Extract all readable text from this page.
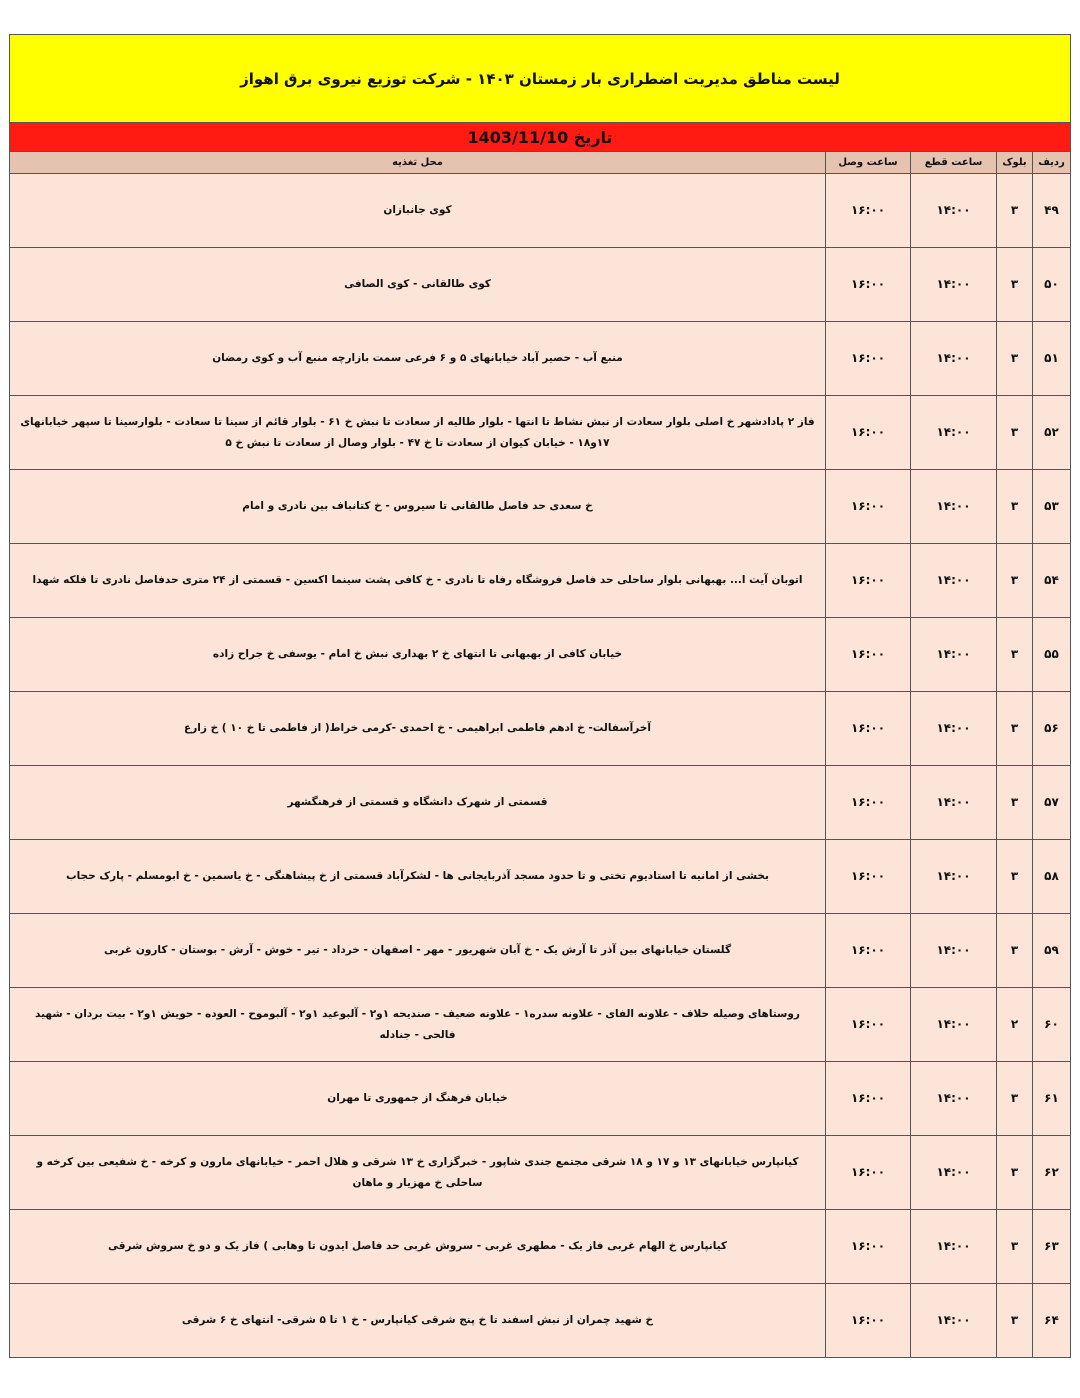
لیست مناطق مدیریت اضطراری بار زمستان ۱۴۰۳ - شرکت توزیع نیروی برق اهواز
تاریخ 1403/11/10
ردیف	بلوک	ساعت قطع	ساعت وصل	محل تغذیه
۴۹	۳	۱۴:۰۰	۱۶:۰۰	کوی جانبازان
۵۰	۳	۱۴:۰۰	۱۶:۰۰	کوی طالقانی - کوی الصافی
۵۱	۳	۱۴:۰۰	۱۶:۰۰	منبع آب - حصیر آباد خیابانهای ۵ و ۶ فرعی سمت بازارچه منبع آب و کوی رمضان
۵۲	۳	۱۴:۰۰	۱۶:۰۰	فاز ۲ پادادشهر خ اصلی بلوار سعادت از نبش نشاط تا انتها - بلوار طالیه از سعادت تا نبش خ ۶۱ - بلوار قائم از سینا تا سعادت - بلوارسینا تا سپهر خیابانهای ۱۷و۱۸ - خیابان کیوان از سعادت تا خ ۴۷ - بلوار وصال از سعادت تا نبش خ ۵
۵۳	۳	۱۴:۰۰	۱۶:۰۰	خ سعدی حد فاصل طالقانی تا سیروس - خ کتانباف بین نادری و امام
۵۴	۳	۱۴:۰۰	۱۶:۰۰	اتوبان آیت ا... بهبهانی بلوار ساحلی حد فاصل فروشگاه رفاه تا نادری - خ کافی پشت سینما اکسین - قسمتی از ۲۴ متری حدفاصل نادری تا فلکه شهدا
۵۵	۳	۱۴:۰۰	۱۶:۰۰	خیابان کافی از بهبهانی تا انتهای خ ۲ بهداری نبش خ امام - یوسفی خ جراح زاده
۵۶	۳	۱۴:۰۰	۱۶:۰۰	آخرآسفالت- خ ادهم فاطمی ابراهیمی - خ احمدی -کرمی خراط( از فاطمی تا خ ۱۰ ) خ زارع
۵۷	۳	۱۴:۰۰	۱۶:۰۰	قسمتی از شهرک دانشگاه و قسمتی از فرهنگشهر
۵۸	۳	۱۴:۰۰	۱۶:۰۰	بخشی از امانیه تا استادیوم تختی و تا حدود مسجد آذربایجانی ها - لشکرآباد قسمتی از خ پیشاهنگی - خ یاسمین - خ ابومسلم - پارک حجاب
۵۹	۳	۱۴:۰۰	۱۶:۰۰	گلستان خیابانهای بین آذر تا آرش یک - خ آبان شهریور - مهر - اصفهان - خرداد - تیر - خوش - آرش - بوستان - کارون غربی
۶۰	۲	۱۴:۰۰	۱۶:۰۰	روستاهای وصیله حلاف - علاونه الفای - علاونه سدره۱ - علاونه ضعیف - صندیحه ۱و۲ - آلبوعید ۱و۲ - آلبوموح - العوده - حویش ۱و۲ - بیت بردان - شهید فالحی - جنادله
۶۱	۳	۱۴:۰۰	۱۶:۰۰	خیابان فرهنگ از جمهوری تا مهران
۶۲	۳	۱۴:۰۰	۱۶:۰۰	کیانپارس خیابانهای ۱۳ و ۱۷ و ۱۸ شرقی مجتمع جندی شاپور - خبرگزاری خ ۱۳ شرقی و هلال احمر - خیابانهای مارون و کرخه - خ شفیعی بین کرخه و ساحلی خ مهزیار و ماهان
۶۳	۳	۱۴:۰۰	۱۶:۰۰	کیانپارس خ الهام غربی فاز یک - مطهری غربی - سروش غربی حد فاصل ایدون تا وهابی ) فاز یک و دو خ سروش شرقی
۶۴	۳	۱۴:۰۰	۱۶:۰۰	خ شهید چمران از نبش اسفند تا خ پنج شرقی کیانپارس - خ ۱ تا ۵ شرقی- انتهای خ ۶ شرقی
